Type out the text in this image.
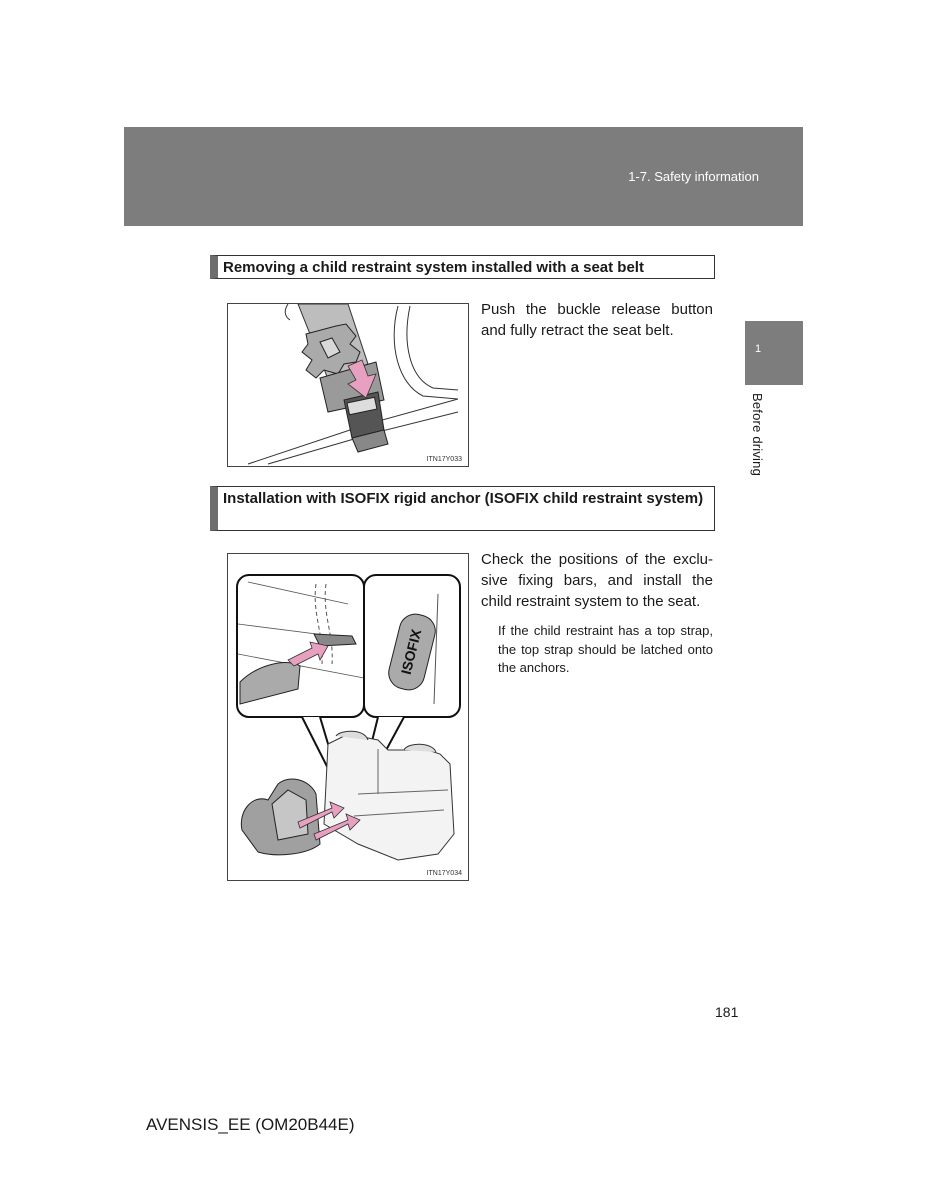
1-7. Safety information
1
Before driving
Removing a child restraint system installed with a seat belt
ITN17Y033
Push the buckle release button and fully retract the seat belt.
Installation with ISOFIX rigid anchor (ISOFIX child restraint system)
ISOFIX
ITN17Y034
Check the positions of the exclu-sive fixing bars, and install the child restraint system to the seat.
If the child restraint has a top strap, the top strap should be latched onto the anchors.
181
AVENSIS_EE (OM20B44E)
